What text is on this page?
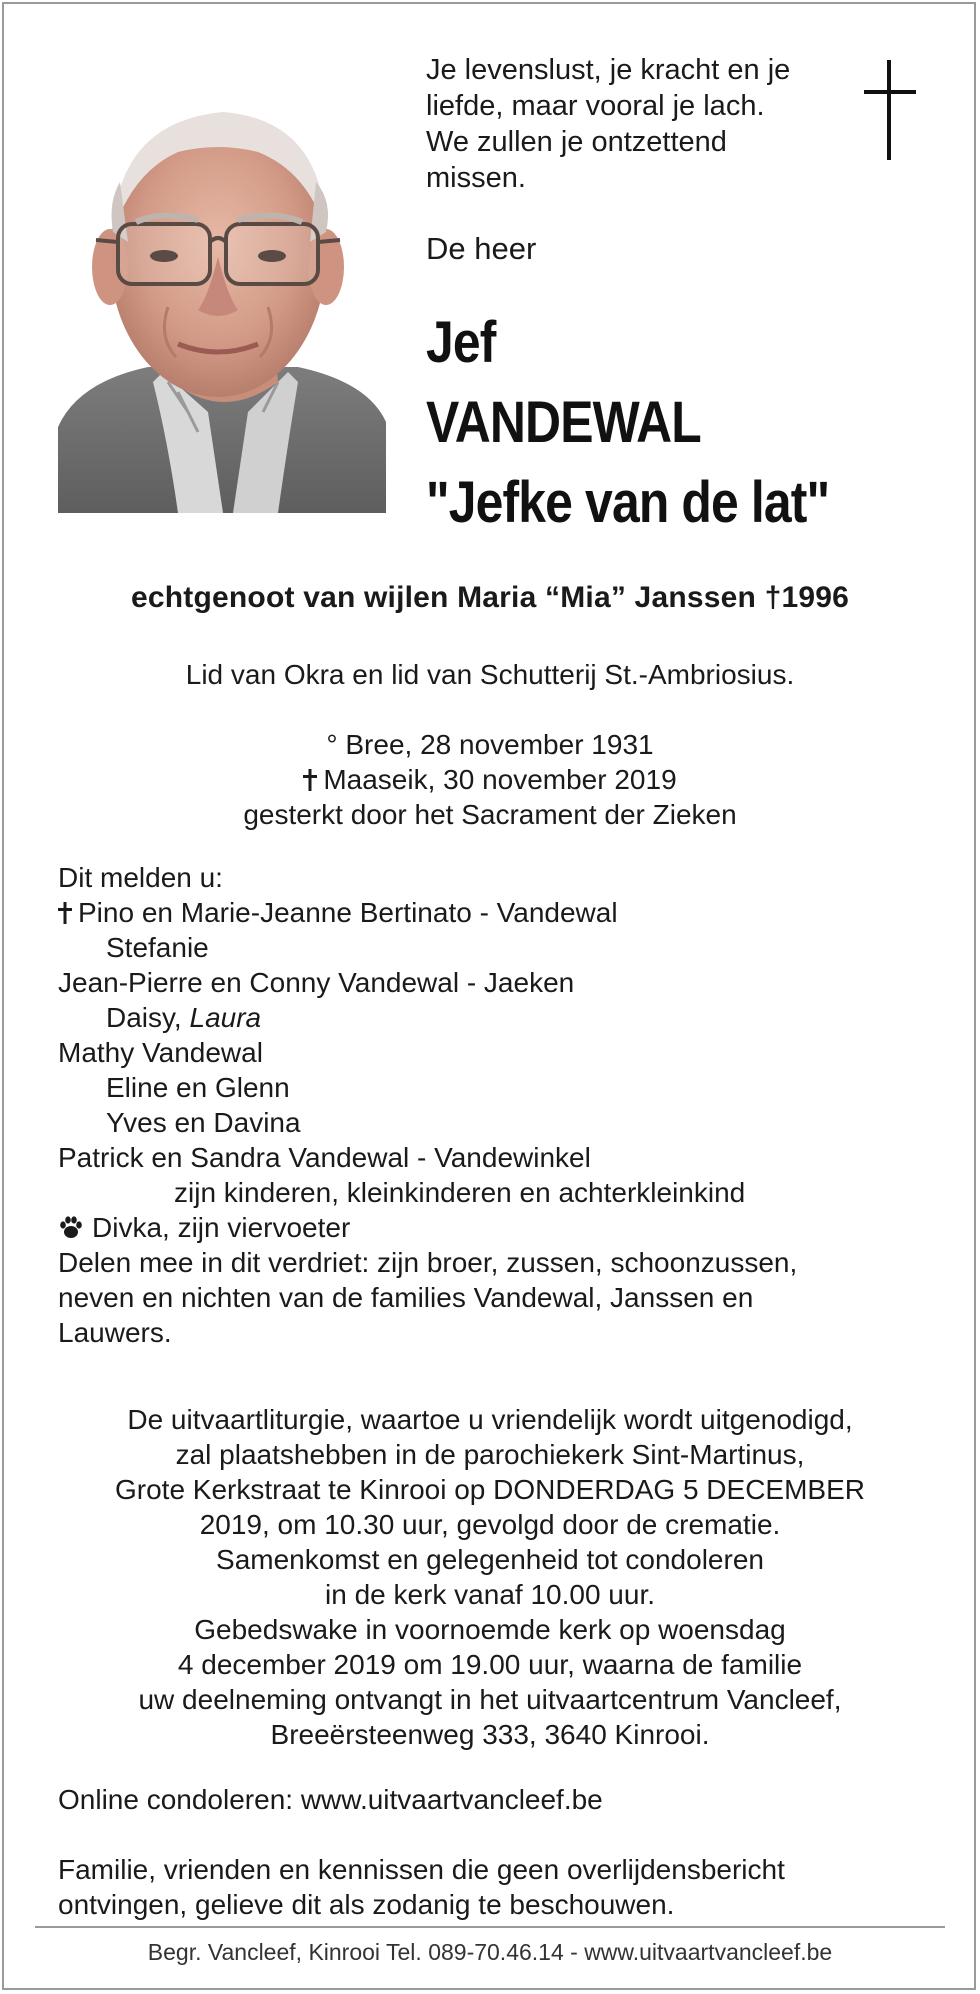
Je levenslust, je kracht en je
liefde, maar vooral je lach.
We zullen je ontzettend
missen.
De heer
Jef
VANDEWAL
"Jefke van de lat"
echtgenoot van wijlen Maria “Mia” Janssen †1996
Lid van Okra en lid van Schutterij St.-Ambriosius.
° Bree, 28 november 1931
Maaseik, 30 november 2019
gesterkt door het Sacrament der Zieken
Dit melden u:
Pino en Marie-Jeanne Bertinato - Vandewal
Stefanie
Jean-Pierre en Conny Vandewal - Jaeken
Daisy, Laura
Mathy Vandewal
Eline en Glenn
Yves en Davina
Patrick en Sandra Vandewal - Vandewinkel
zijn kinderen, kleinkinderen en achterkleinkind
Divka, zijn viervoeter
Delen mee in dit verdriet: zijn broer, zussen, schoonzussen,
neven en nichten van de families Vandewal, Janssen en
Lauwers.
De uitvaartliturgie, waartoe u vriendelijk wordt uitgenodigd,
zal plaatshebben in de parochiekerk Sint-Martinus,
Grote Kerkstraat te Kinrooi op DONDERDAG 5 DECEMBER
2019, om 10.30 uur, gevolgd door de crematie.
Samenkomst en gelegenheid tot condoleren
in de kerk vanaf 10.00 uur.
Gebedswake in voornoemde kerk op woensdag
4 december 2019 om 19.00 uur, waarna de familie
uw deelneming ontvangt in het uitvaartcentrum Vancleef,
Breeërsteenweg 333, 3640 Kinrooi.
Online condoleren: www.uitvaartvancleef.be
Familie, vrienden en kennissen die geen overlijdensbericht
ontvingen, gelieve dit als zodanig te beschouwen.
Begr. Vancleef, Kinrooi Tel. 089-70.46.14 - www.uitvaartvancleef.be
